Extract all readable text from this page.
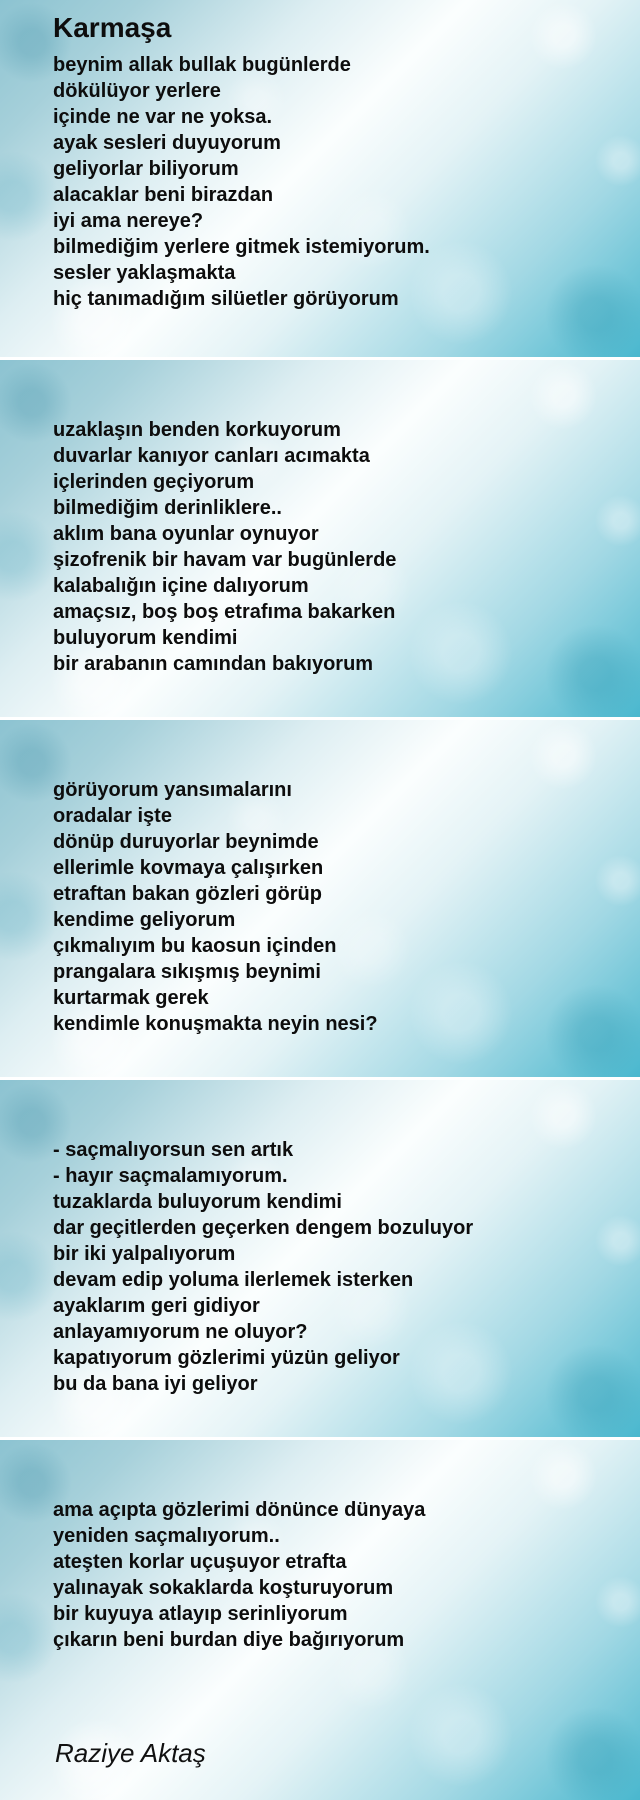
Karmaşa
beynim allak bullak bugünlerde
dökülüyor yerlere
içinde ne var ne yoksa.
ayak sesleri duyuyorum
geliyorlar biliyorum
alacaklar beni birazdan
iyi ama nereye?
bilmediğim yerlere gitmek istemiyorum.
sesler yaklaşmakta
hiç tanımadığım silüetler görüyorum
uzaklaşın benden korkuyorum
duvarlar kanıyor canları acımakta
içlerinden geçiyorum
bilmediğim derinliklere..
aklım bana oyunlar oynuyor
şizofrenik bir havam var bugünlerde
kalabalığın içine dalıyorum
amaçsız, boş boş etrafıma bakarken
buluyorum kendimi
bir arabanın camından bakıyorum
görüyorum yansımalarını
oradalar işte
dönüp duruyorlar beynimde
ellerimle kovmaya çalışırken
etraftan bakan gözleri görüp
kendime geliyorum
çıkmalıyım bu kaosun içinden
prangalara sıkışmış beynimi
kurtarmak gerek
kendimle konuşmakta neyin nesi?
- saçmalıyorsun sen artık
- hayır saçmalamıyorum.
tuzaklarda buluyorum kendimi
dar geçitlerden geçerken dengem bozuluyor
bir iki yalpalıyorum
devam edip yoluma ilerlemek isterken
ayaklarım geri gidiyor
anlayamıyorum ne oluyor?
kapatıyorum gözlerimi yüzün geliyor
bu da bana iyi geliyor
ama açıpta gözlerimi dönünce dünyaya
yeniden saçmalıyorum..
ateşten korlar uçuşuyor etrafta
yalınayak sokaklarda koşturuyorum
bir kuyuya atlayıp serinliyorum
çıkarın beni burdan diye bağırıyorum
Raziye Aktaş
